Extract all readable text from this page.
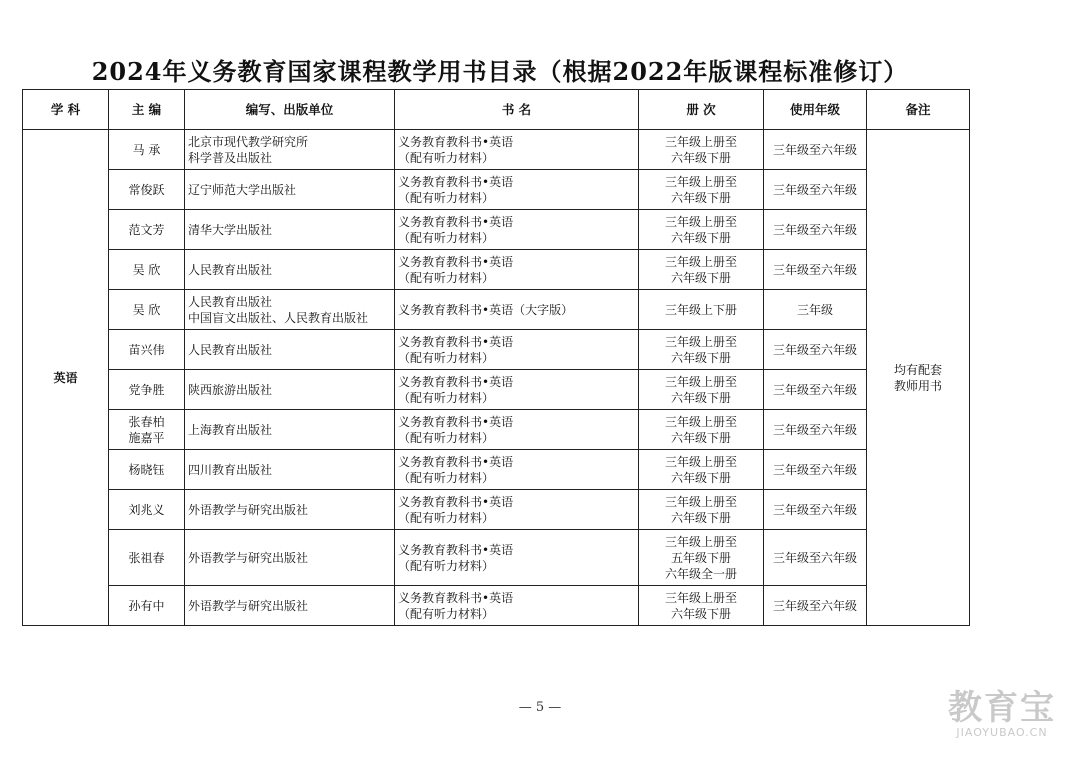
2024年义务教育国家课程教学用书目录（根据2022年版课程标准修订）
学 科	主 编	编写、出版单位	书 名	册 次	使用年级	备注
英语	马 承	北京市现代教学研究所
科学普及出版社	义务教育教科书•英语
（配有听力材料）	三年级上册至
六年级下册	三年级至六年级	均有配套
教师用书
	常俊跃	辽宁师范大学出版社	义务教育教科书•英语
（配有听力材料）	三年级上册至
六年级下册	三年级至六年级	
	范文芳	清华大学出版社	义务教育教科书•英语
（配有听力材料）	三年级上册至
六年级下册	三年级至六年级	
	吴 欣	人民教育出版社	义务教育教科书•英语
（配有听力材料）	三年级上册至
六年级下册	三年级至六年级	
	吴 欣	人民教育出版社
中国盲文出版社、人民教育出版社	义务教育教科书•英语（大字版）	三年级上下册	三年级	
	苗兴伟	人民教育出版社	义务教育教科书•英语
（配有听力材料）	三年级上册至
六年级下册	三年级至六年级	
	党争胜	陕西旅游出版社	义务教育教科书•英语
（配有听力材料）	三年级上册至
六年级下册	三年级至六年级	
	张春柏
施嘉平	上海教育出版社	义务教育教科书•英语
（配有听力材料）	三年级上册至
六年级下册	三年级至六年级	
	杨晓钰	四川教育出版社	义务教育教科书•英语
（配有听力材料）	三年级上册至
六年级下册	三年级至六年级	
	刘兆义	外语教学与研究出版社	义务教育教科书•英语
（配有听力材料）	三年级上册至
六年级下册	三年级至六年级	
	张祖春	外语教学与研究出版社	义务教育教科书•英语
（配有听力材料）	三年级上册至
五年级下册
六年级全一册	三年级至六年级	
	孙有中	外语教学与研究出版社	义务教育教科书•英语
（配有听力材料）	三年级上册至
六年级下册	三年级至六年级	
— 5 —	教育宝
JIAOYUBAO.CN
